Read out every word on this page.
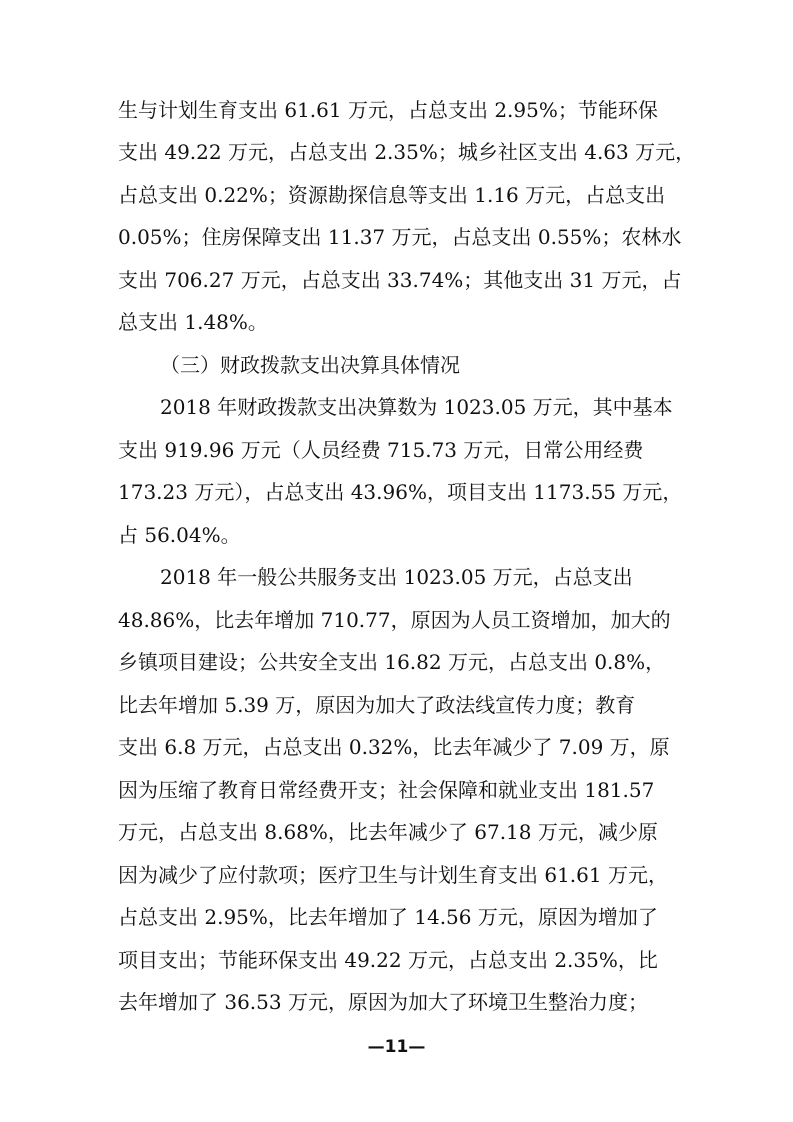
生与计划生育支出 61.61 万元，占总支出 2.95%；节能环保
支出 49.22 万元，占总支出 2.35%；城乡社区支出 4.63 万元，
占总支出 0.22%；资源勘探信息等支出 1.16 万元，占总支出
0.05%；住房保障支出 11.37 万元，占总支出 0.55%；农林水
支出 706.27 万元，占总支出 33.74%；其他支出 31 万元，占
总支出 1.48%。
（三）财政拨款支出决算具体情况
2018 年财政拨款支出决算数为 1023.05 万元，其中基本
支出 919.96 万元（人员经费 715.73 万元，日常公用经费
173.23 万元），占总支出 43.96%，项目支出 1173.55 万元，
占 56.04%。
2018 年一般公共服务支出 1023.05 万元，占总支出
48.86%，比去年增加 710.77，原因为人员工资增加，加大的
乡镇项目建设；公共安全支出 16.82 万元，占总支出 0.8%，
比去年增加 5.39 万，原因为加大了政法线宣传力度；教育
支出 6.8 万元，占总支出 0.32%，比去年减少了 7.09 万，原
因为压缩了教育日常经费开支；社会保障和就业支出 181.57
万元，占总支出 8.68%，比去年减少了 67.18 万元，减少原
因为减少了应付款项；医疗卫生与计划生育支出 61.61 万元，
占总支出 2.95%，比去年增加了 14.56 万元，原因为增加了
项目支出；节能环保支出 49.22 万元，占总支出 2.35%，比
去年增加了 36.53 万元，原因为加大了环境卫生整治力度；
—11—
